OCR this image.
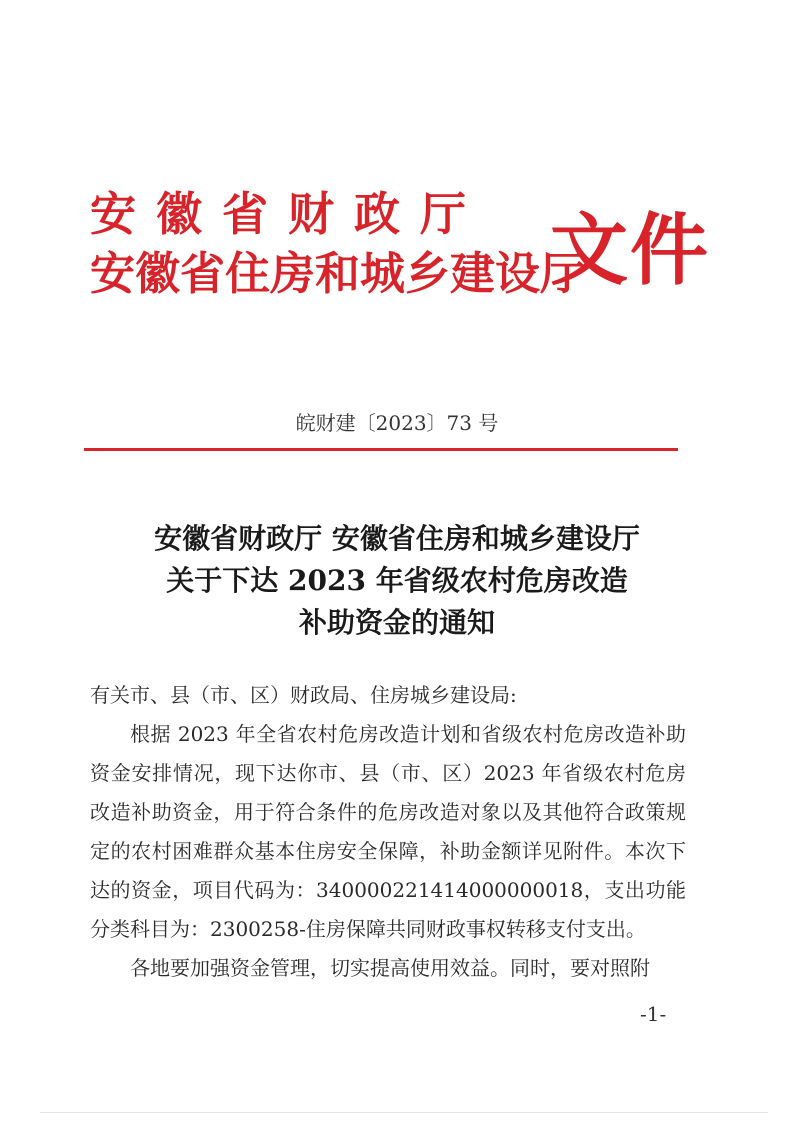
安徽省财政厅
安徽省住房和城乡建设厅
文件
皖财建〔2023〕73 号
安徽省财政厅 安徽省住房和城乡建设厅
关于下达 2023 年省级农村危房改造
补助资金的通知
有关市、县（市、区）财政局、住房城乡建设局:
根据 2023 年全省农村危房改造计划和省级农村危房改造补助资金安排情况，现下达你市、县（市、区）2023 年省级农村危房改造补助资金，用于符合条件的危房改造对象以及其他符合政策规定的农村困难群众基本住房安全保障，补助金额详见附件。本次下达的资金，项目代码为：340000221414000000018，支出功能分类科目为：2300258-住房保障共同财政事权转移支付支出。
各地要加强资金管理，切实提高使用效益。同时，要对照附
-1-
